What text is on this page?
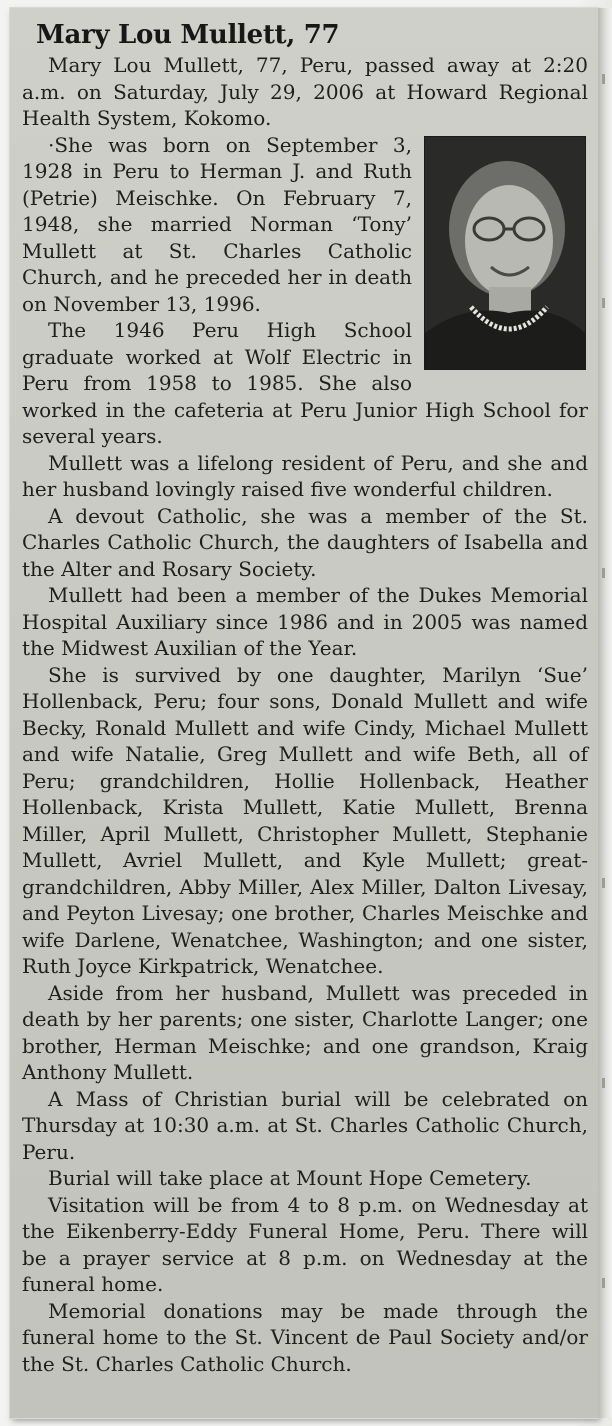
Mary Lou Mullett, 77

Mary Lou Mullett, 77, Peru, passed away at 2:20 a.m. on Saturday, July 29, 2006 at Howard Regional Health System, Kokomo.

·She was born on September 3, 1928 in Peru to Herman J. and Ruth (Petrie) Meischke. On February 7, 1948, she married Norman ‘Tony’ Mullett at St. Charles Catholic Church, and he preceded her in death on November 13, 1996.

The 1946 Peru High School graduate worked at Wolf Electric in Peru from 1958 to 1985. She also worked in the cafeteria at Peru Junior High School for several years.

Mullett was a lifelong resident of Peru, and she and her husband lovingly raised five wonderful children.

A devout Catholic, she was a member of the St. Charles Catholic Church, the daughters of Isabella and the Alter and Rosary Society.

Mullett had been a member of the Dukes Memorial Hospital Auxiliary since 1986 and in 2005 was named the Midwest Auxilian of the Year.

She is survived by one daughter, Marilyn ‘Sue’ Hollenback, Peru; four sons, Donald Mullett and wife Becky, Ronald Mullett and wife Cindy, Michael Mullett and wife Natalie, Greg Mullett and wife Beth, all of Peru; grandchildren, Hollie Hollenback, Heather Hollenback, Krista Mullett, Katie Mullett, Brenna Miller, April Mullett, Christopher Mullett, Stephanie Mullett, Avriel Mullett, and Kyle Mullett; great-grandchildren, Abby Miller, Alex Miller, Dalton Livesay, and Peyton Livesay; one brother, Charles Meischke and wife Darlene, Wenatchee, Washington; and one sister, Ruth Joyce Kirkpatrick, Wenatchee.

Aside from her husband, Mullett was preceded in death by her parents; one sister, Charlotte Langer; one brother, Herman Meischke; and one grandson, Kraig Anthony Mullett.

A Mass of Christian burial will be celebrated on Thursday at 10:30 a.m. at St. Charles Catholic Church, Peru.

Burial will take place at Mount Hope Cemetery.

Visitation will be from 4 to 8 p.m. on Wednesday at the Eikenberry-Eddy Funeral Home, Peru. There will be a prayer service at 8 p.m. on Wednesday at the funeral home.

Memorial donations may be made through the funeral home to the St. Vincent de Paul Society and/or the St. Charles Catholic Church.
